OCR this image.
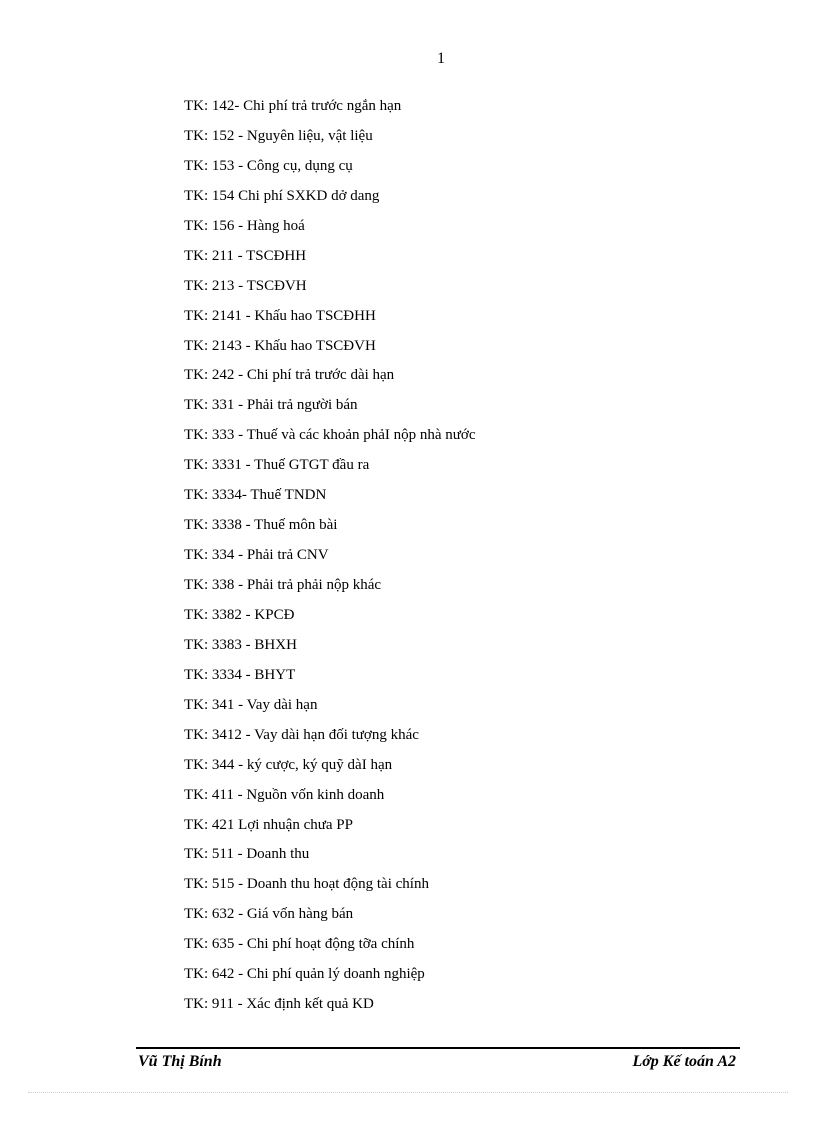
1
TK: 142- Chi phí trả trước ngắn hạn
TK: 152 - Nguyên liệu, vật liệu
TK: 153 - Công cụ, dụng cụ
TK: 154 Chi phí SXKD dở dang
TK: 156 - Hàng hoá
TK: 211 - TSCĐHH
TK: 213 - TSCĐVH
TK: 2141 - Khấu hao TSCĐHH
TK: 2143 - Khấu hao TSCĐVH
TK: 242 - Chi phí trả trước dài hạn
TK: 331 - Phải trả người bán
TK: 333 - Thuế và các khoản phảI nộp nhà nước
TK: 3331 - Thuế GTGT đầu ra
TK: 3334- Thuế TNDN
TK: 3338 - Thuế môn bài
TK: 334 - Phải trả CNV
TK: 338 - Phải trả phải nộp khác
TK: 3382 - KPCĐ
TK: 3383 - BHXH
TK: 3334 - BHYT
TK: 341 - Vay dài hạn
TK: 3412 - Vay dài hạn đối tượng khác
TK: 344 - ký cược, ký quỹ dàI hạn
TK: 411 - Nguồn vốn kinh doanh
TK: 421 Lợi nhuận chưa PP
TK: 511 - Doanh thu
TK: 515 - Doanh thu hoạt động tài chính
TK: 632 - Giá vốn hàng bán
TK: 635 - Chi phí hoạt động tỡa chính
TK: 642 - Chi phí quản lý doanh nghiệp
TK: 911 - Xác định kết quả KD
Vũ Thị Bính	Lớp Kế toán A2
